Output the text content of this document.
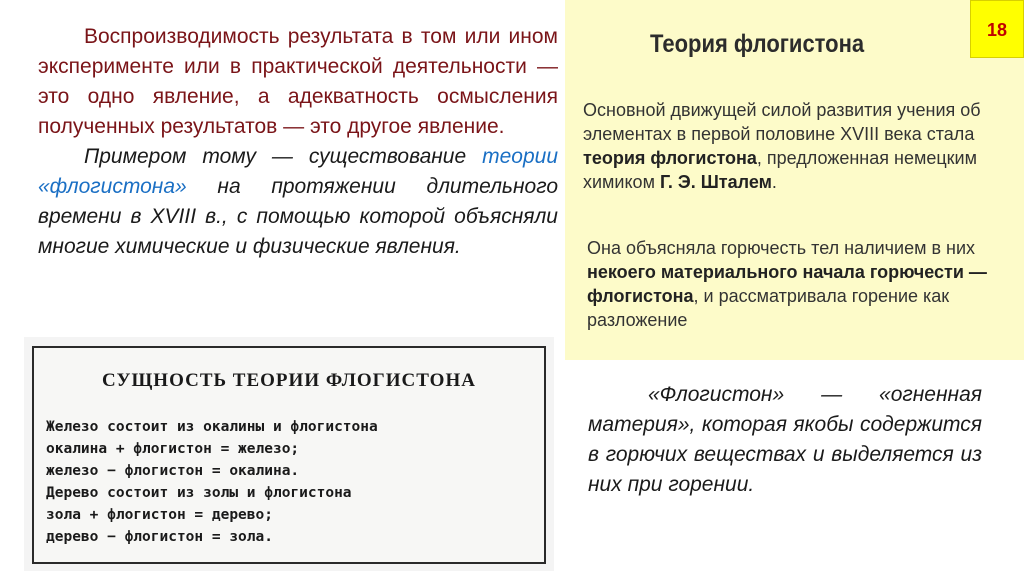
Воспроизводимость результата в том или ином эксперименте или в практической деятельности — это одно явление, а адекватность осмысления полученных результатов — это другое явление.

Примером тому — существование теории «флогистона» на протяжении длительного времени в XVIII в., с помощью которой объясняли многие химические и физические явления.

Теория флогистона
Основной движущей силой развития учения об элементах в первой половине XVIII века стала теория флогистона, предложенная немецким химиком Г. Э. Шталем.
Она объясняла горючесть тел наличием в них некоего материального начала горючести — флогистона, и рассматривала горение как разложение
18
СУЩНОСТЬ ТЕОРИИ ФЛОГИСТОНА
Железо состоит из окалины и флогистона
окалина + флогистон = железо;
железо − флогистон = окалина.
Дерево состоит из золы и флогистона
зола + флогистон = дерево;
дерево − флогистон = зола.

«Флогистон» — «огненная материя», которая якобы содержится в горючих веществах и выделяется из них при горении.
